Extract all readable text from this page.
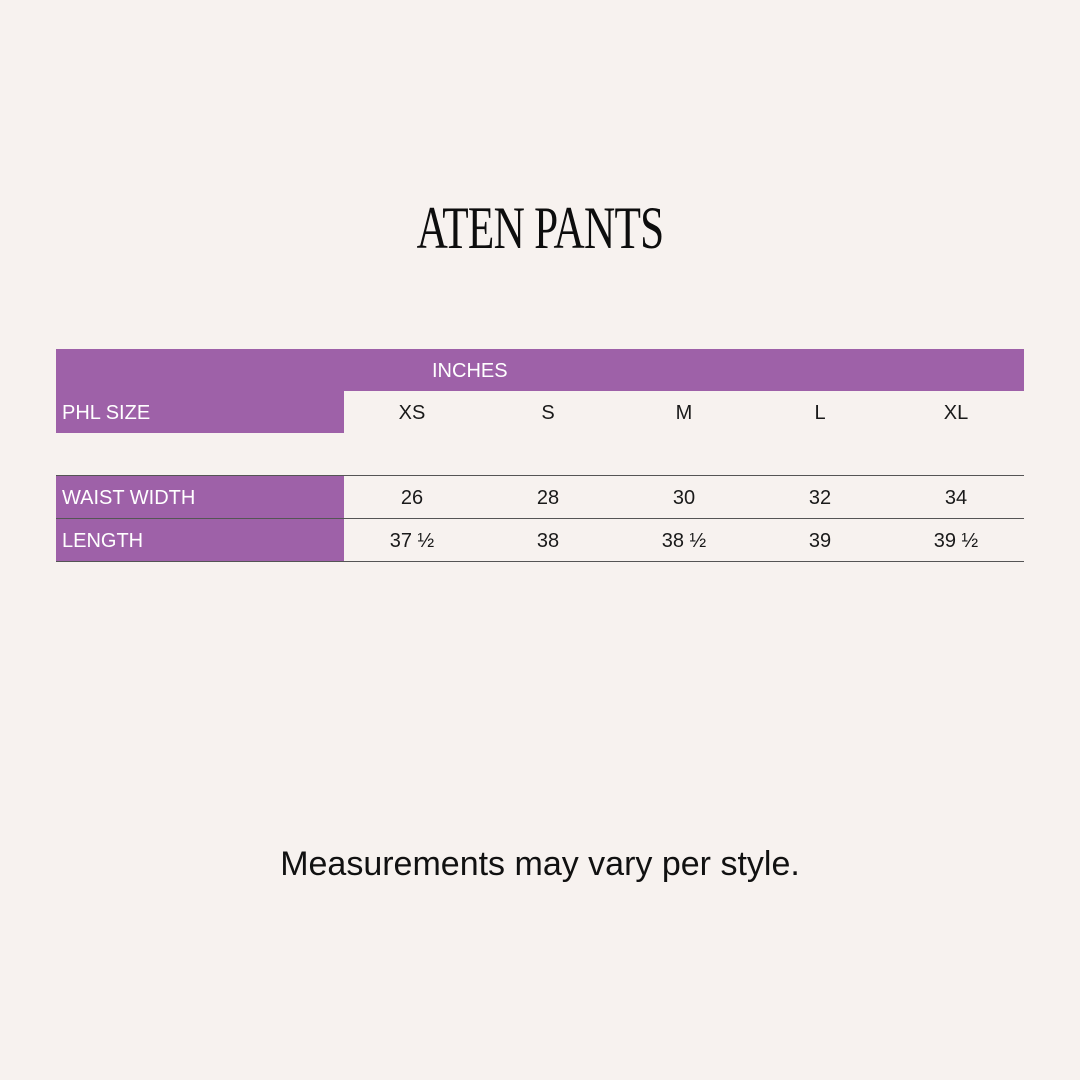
ATEN PANTS
INCHES
PHL SIZE	XS	S	M	L	XL
WAIST WIDTH	26	28	30	32	34
LENGTH	37 ½	38	38 ½	39	39 ½
Measurements may vary per style.
